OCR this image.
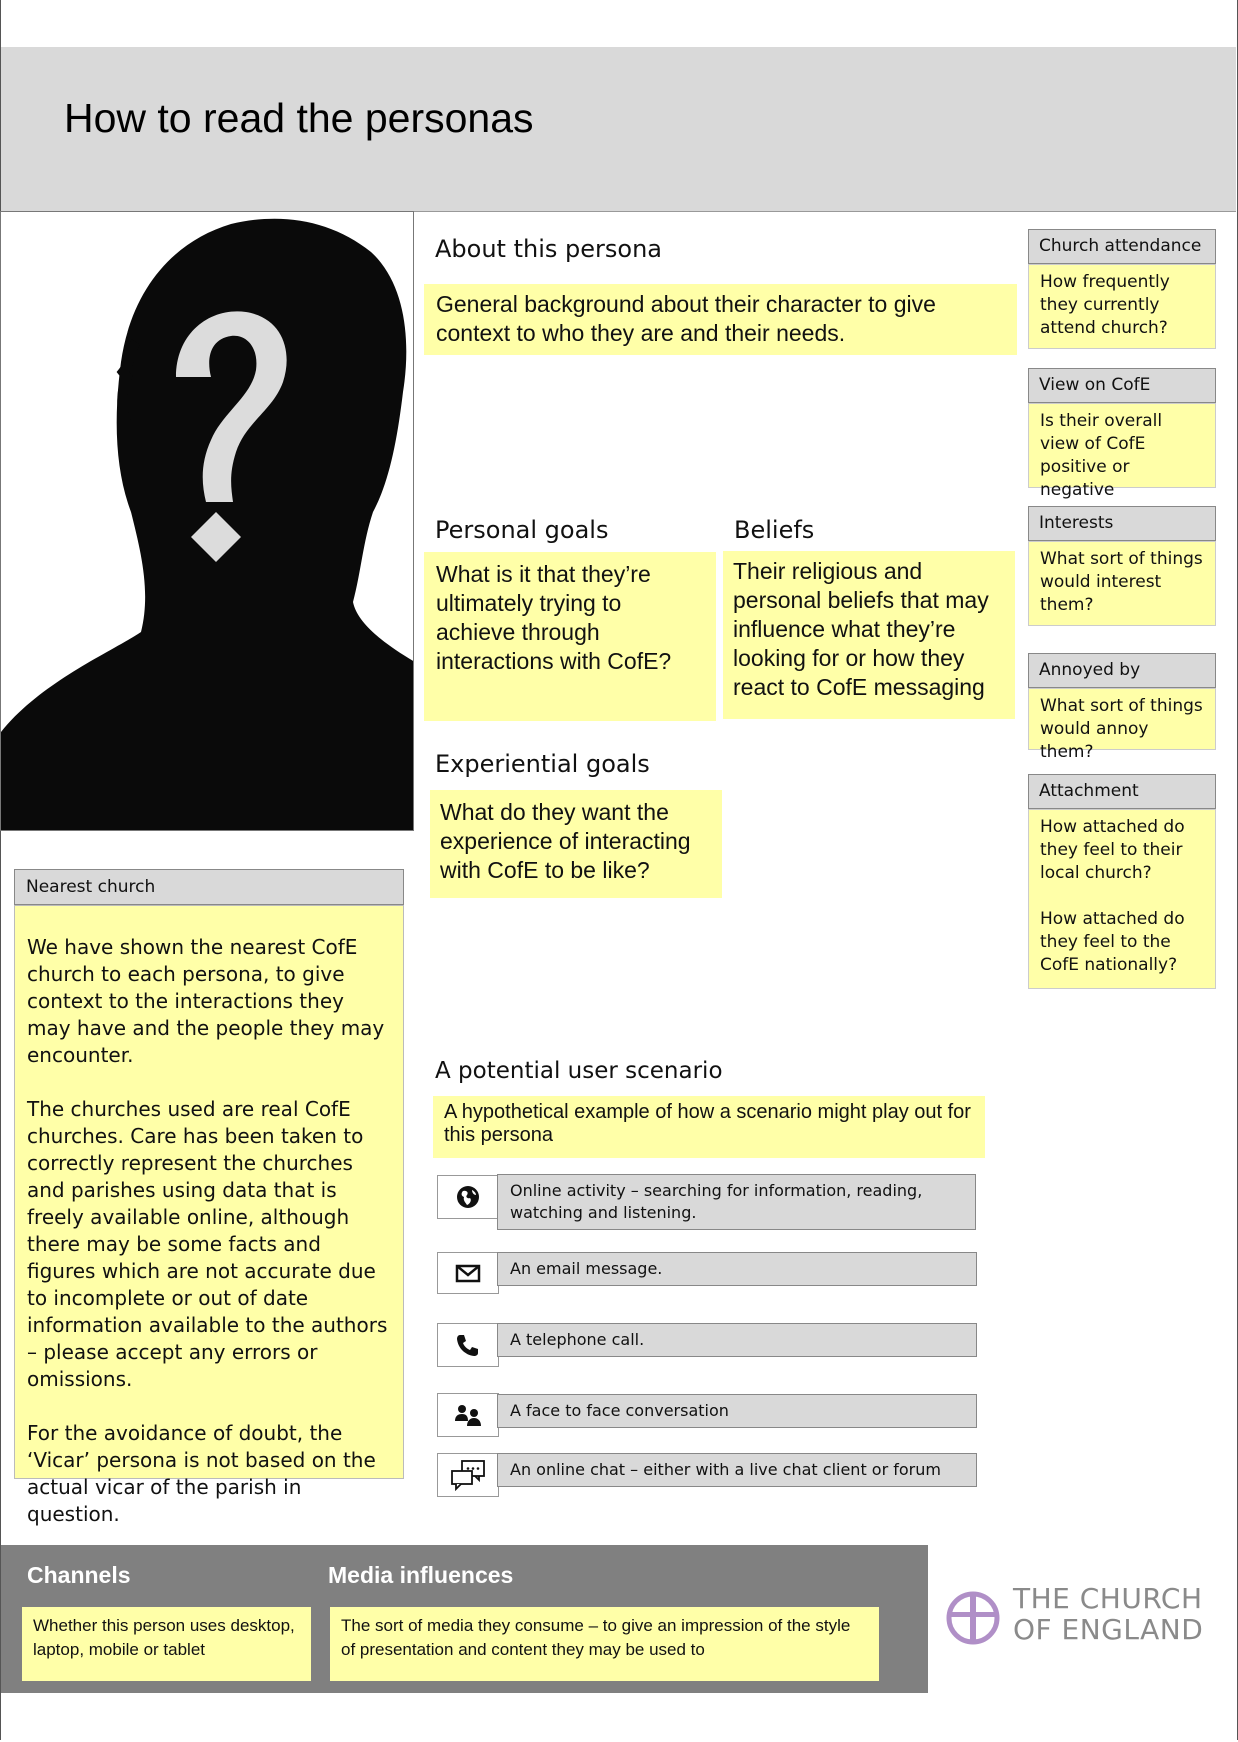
How to read the personas
About this persona
General background about their character to give context to who they are and their needs.
Personal goals
What is it that they’re ultimately trying to achieve through interactions with CofE?
Beliefs
Their religious and personal beliefs that may influence what they’re looking for or how they react to CofE messaging
Experiential goals
What do they want the experience of interacting with CofE to be like?
Church attendance
How frequently they currently attend church?
View on CofE
Is their overall view of CofE positive or negative
Interests
What sort of things would interest them?
Annoyed by
What sort of things would annoy them?
Attachment
How attached do they feel to their local church?
How attached do they feel to the CofE nationally?
Nearest church

We have shown the nearest CofE church to each persona, to give context to the interactions they may have and the people they may encounter.

The churches used are real CofE churches. Care has been taken to correctly represent the churches and parishes using data that is freely available online, although there may be some facts and figures which are not accurate due to incomplete or out of date information available to the authors – please accept any errors or omissions.

For the avoidance of doubt, the ‘Vicar’ persona is not based on the actual vicar of the parish in question.

A potential user scenario
A hypothetical example of how a scenario might play out for this persona
Online activity – searching for information, reading, watching and listening.
An email message.
A telephone call.
A face to face conversation
An online chat – either with a live chat client or forum
Channels
Whether this person uses desktop, laptop, mobile or tablet
Media influences
The sort of media they consume – to give an impression of the style of presentation and content they may be used to
THE CHURCH
OF ENGLAND
